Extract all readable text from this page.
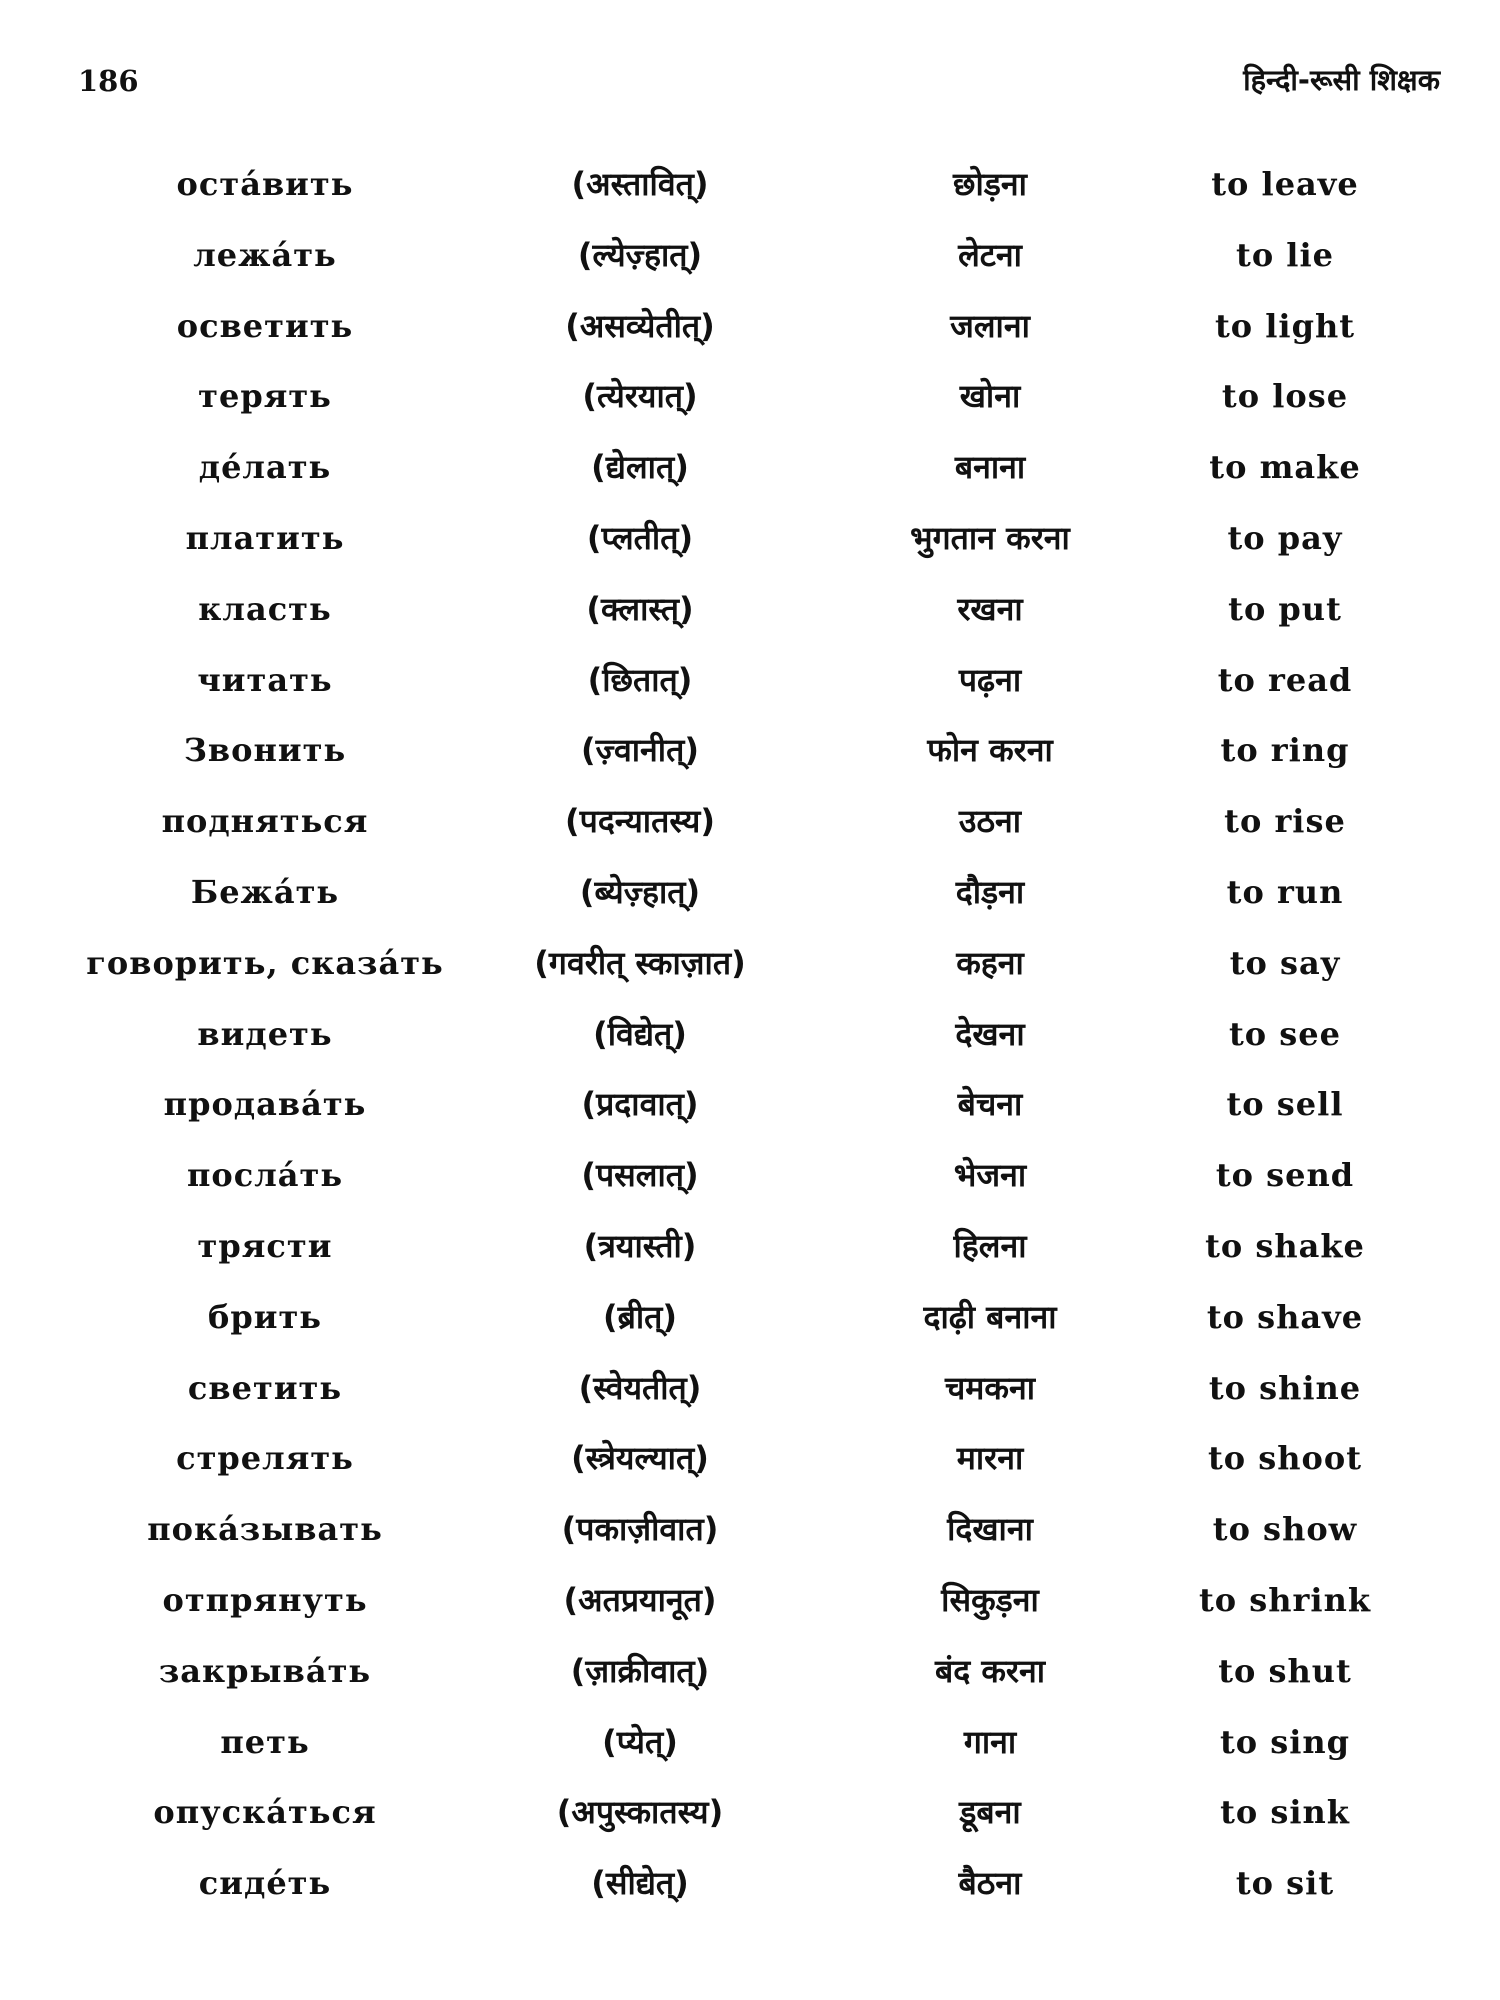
186	हिन्दी-रूसी शिक्षक
остáвить	(अस्तावित्)	छोड़ना	to leave
лежáть	(ल्येज़्हात्)	लेटना	to lie
осветить	(असव्येतीत्)	जलाना	to light
терять	(त्येरयात्)	खोना	to lose
дéлать	(द्येलात्)	बनाना	to make
платить	(प्लतीत्)	भुगतान करना	to pay
класть	(क्लास्त्)	रखना	to put
читать	(छितात्)	पढ़ना	to read
Звонить	(ज़्वानीत्)	फोन करना	to ring
подняться	(पदन्यातस्य)	उठना	to rise
Бежáть	(ब्येज़्हात्)	दौड़ना	to run
говорить, сказáть	(गवरीत् स्काज़ात)	कहना	to say
видеть	(विद्येत्)	देखना	to see
продавáть	(प्रदावात्)	बेचना	to sell
послáть	(पसलात्)	भेजना	to send
трясти	(त्रयास्ती)	हिलना	to shake
брить	(ब्रीत्)	दाढ़ी बनाना	to shave
светить	(स्वेयतीत्)	चमकना	to shine
стрелять	(स्त्रेयल्यात्)	मारना	to shoot
покáзывать	(पकाज़ीवात)	दिखाना	to show
отпрянуть	(अतप्रयानूत)	सिकुड़ना	to shrink
закрывáть	(ज़ाक्रीवात्)	बंद करना	to shut
петь	(प्येत्)	गाना	to sing
опускáться	(अपुस्कातस्य)	डूबना	to sink
сидéть	(सीद्येत्)	बैठना	to sit
